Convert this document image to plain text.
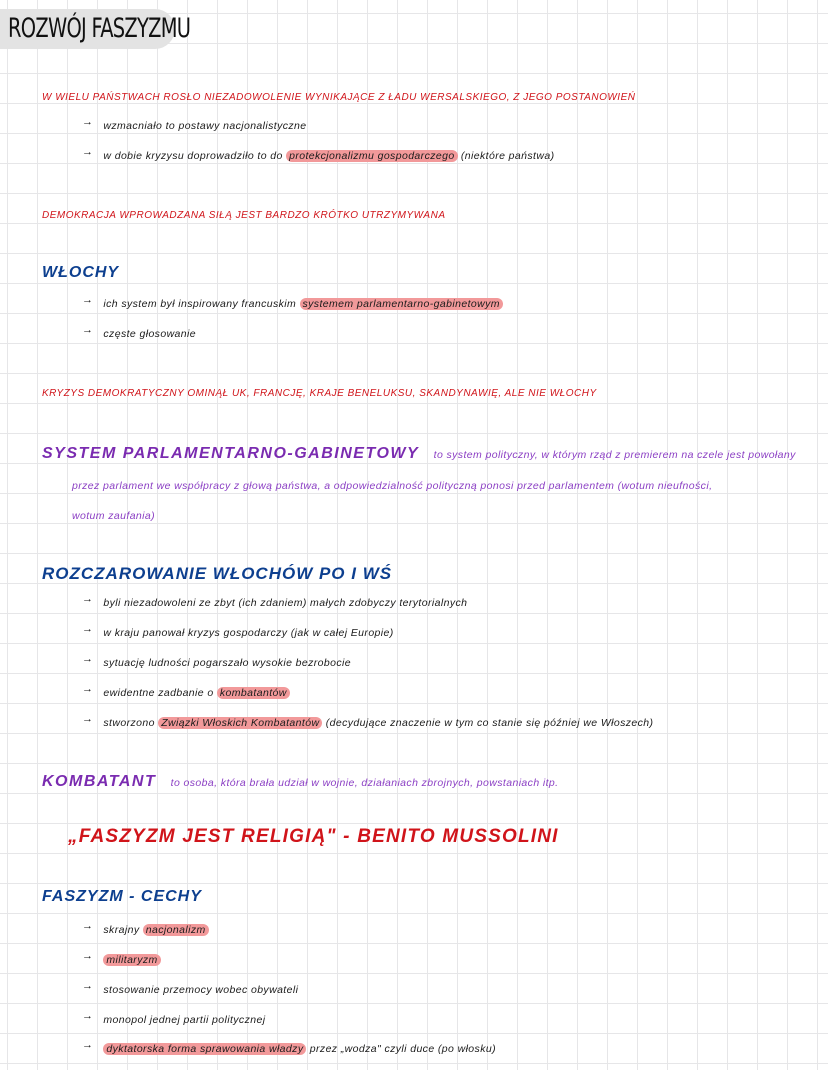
ROZWÓJ FASZYZMU
W WIELU PAŃSTWACH ROSŁO NIEZADOWOLENIE WYNIKAJĄCE Z ŁADU WERSALSKIEGO, Z JEGO POSTANOWIEŃ
→ wzmacniało to postawy nacjonalistyczne
→ w dobie kryzysu doprowadziło to do protekcjonalizmu gospodarczego (niektóre państwa)
DEMOKRACJA WPROWADZANA SIŁĄ JEST BARDZO KRÓTKO UTRZYMYWANA
WŁOCHY
→ ich system był inspirowany francuskim systemem parlamentarno-gabinetowym
→ częste głosowanie
KRYZYS DEMOKRATYCZNY OMINĄŁ UK, FRANCJĘ, KRAJE BENELUKSU, SKANDYNAWIĘ, ALE NIE WŁOCHY
SYSTEM PARLAMENTARNO-GABINETOWY to system polityczny, w którym rząd z premierem na czele jest powołany
przez parlament we współpracy z głową państwa, a odpowiedzialność polityczną ponosi przed parlamentem (wotum nieufności,
wotum zaufania)
ROZCZAROWANIE WŁOCHÓW PO I WŚ
→ byli niezadowoleni ze zbyt (ich zdaniem) małych zdobyczy terytorialnych
→ w kraju panował kryzys gospodarczy (jak w całej Europie)
→ sytuację ludności pogarszało wysokie bezrobocie
→ ewidentne zadbanie o kombatantów
→ stworzono Związki Włoskich Kombatantów (decydujące znaczenie w tym co stanie się później we Włoszech)
KOMBATANT to osoba, która brała udział w wojnie, działaniach zbrojnych, powstaniach itp.
„FASZYZM JEST RELIGIĄ" - BENITO MUSSOLINI
FASZYZM - CECHY
→ skrajny nacjonalizm
→ militaryzm
→ stosowanie przemocy wobec obywateli
→ monopol jednej partii politycznej
→ dyktatorska forma sprawowania władzy przez „wodza" czyli duce (po włosku)
